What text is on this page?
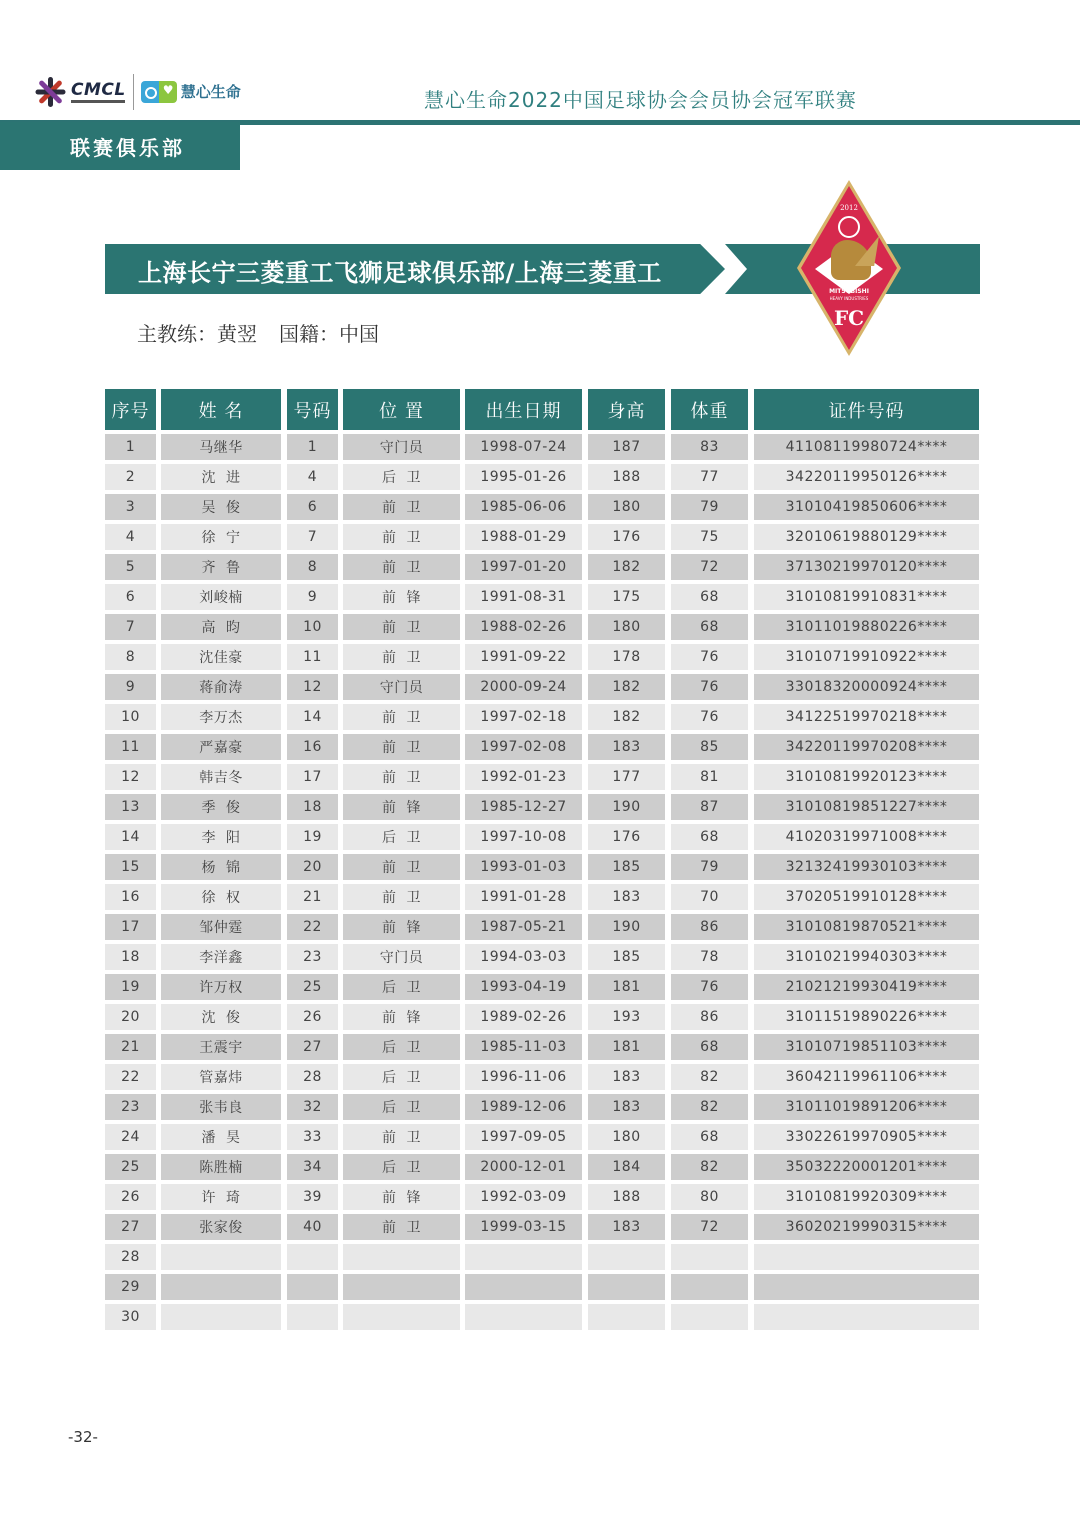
CMCL ♥	慧心生命	慧心生命2022中国足球协会会员协会冠军联赛
联赛俱乐部
上海长宁三菱重工飞狮足球俱乐部/上海三菱重工
2012
MITSUBISHI
HEAVY INDUSTRIES
FC
主教练：黄翌 国籍：中国
序号	姓 名	号码	位 置	出生日期	身高	体重	证件号码
1	马继华	1	守门员	1998-07-24	187	83	41108119980724****
2	沈  进	4	后  卫	1995-01-26	188	77	34220119950126****
3	吴  俊	6	前  卫	1985-06-06	180	79	31010419850606****
4	徐  宁	7	前  卫	1988-01-29	176	75	32010619880129****
5	齐  鲁	8	前  卫	1997-01-20	182	72	37130219970120****
6	刘峻楠	9	前  锋	1991-08-31	175	68	31010819910831****
7	高  昀	10	前  卫	1988-02-26	180	68	31011019880226****
8	沈佳豪	11	前  卫	1991-09-22	178	76	31010719910922****
9	蒋俞涛	12	守门员	2000-09-24	182	76	33018320000924****
10	李万杰	14	前  卫	1997-02-18	182	76	34122519970218****
11	严嘉豪	16	前  卫	1997-02-08	183	85	34220119970208****
12	韩吉冬	17	前  卫	1992-01-23	177	81	31010819920123****
13	季  俊	18	前  锋	1985-12-27	190	87	31010819851227****
14	李  阳	19	后  卫	1997-10-08	176	68	41020319971008****
15	杨  锦	20	前  卫	1993-01-03	185	79	32132419930103****
16	徐  权	21	前  卫	1991-01-28	183	70	37020519910128****
17	邹仲霆	22	前  锋	1987-05-21	190	86	31010819870521****
18	李洋鑫	23	守门员	1994-03-03	185	78	31010219940303****
19	许万权	25	后  卫	1993-04-19	181	76	21021219930419****
20	沈  俊	26	前  锋	1989-02-26	193	86	31011519890226****
21	王震宇	27	后  卫	1985-11-03	181	68	31010719851103****
22	管嘉炜	28	后  卫	1996-11-06	183	82	36042119961106****
23	张韦良	32	后  卫	1989-12-06	183	82	31011019891206****
24	潘  昊	33	前  卫	1997-09-05	180	68	33022619970905****
25	陈胜楠	34	后  卫	2000-12-01	184	82	35032220001201****
26	许  琦	39	前  锋	1992-03-09	188	80	31010819920309****
27	张家俊	40	前  卫	1999-03-15	183	72	36020219990315****
28
29
30
-32-
